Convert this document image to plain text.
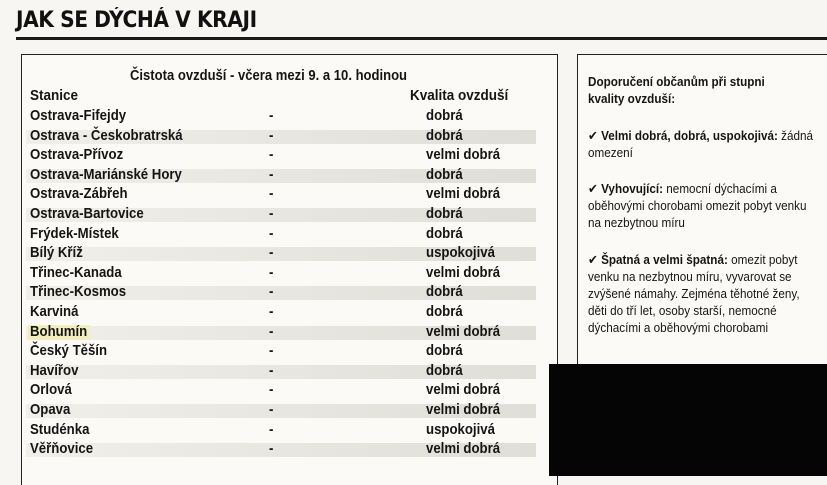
JAK SE DÝCHÁ V KRAJI
Čistota ovzduší - včera mezi 9. a 10. hodinou
Stanice	Kvalita ovzduší
Ostrava-Fifejdy	-	dobrá
Ostrava - Českobratrská	-	dobrá
Ostrava-Přívoz	-	velmi dobrá
Ostrava-Mariánské Hory	-	dobrá
Ostrava-Zábřeh	-	velmi dobrá
Ostrava-Bartovice	-	dobrá
Frýdek-Místek	-	dobrá
Bílý Kříž	-	uspokojivá
Třinec-Kanada	-	velmi dobrá
Třinec-Kosmos	-	dobrá
Karviná	-	dobrá
Bohumín	-	velmi dobrá
Český Těšín	-	dobrá
Havířov	-	dobrá
Orlová	-	velmi dobrá
Opava	-	velmi dobrá
Studénka	-	uspokojivá
Věřňovice	-	velmi dobrá
Doporučení občanům při stupni kvality ovzduší:
✔ Velmi dobrá, dobrá, uspokojivá: žádná omezení
✔ Vyhovující: nemocní dýchacími a oběhovými chorobami omezit pobyt venku na nezbytnou míru
✔ Špatná a velmi špatná: omezit pobyt venku na nezbytnou míru, vyvarovat se zvýšené námahy. Zejména těhotné ženy, děti do tří let, osoby starší, nemocné dýchacími a oběhovými chorobami
